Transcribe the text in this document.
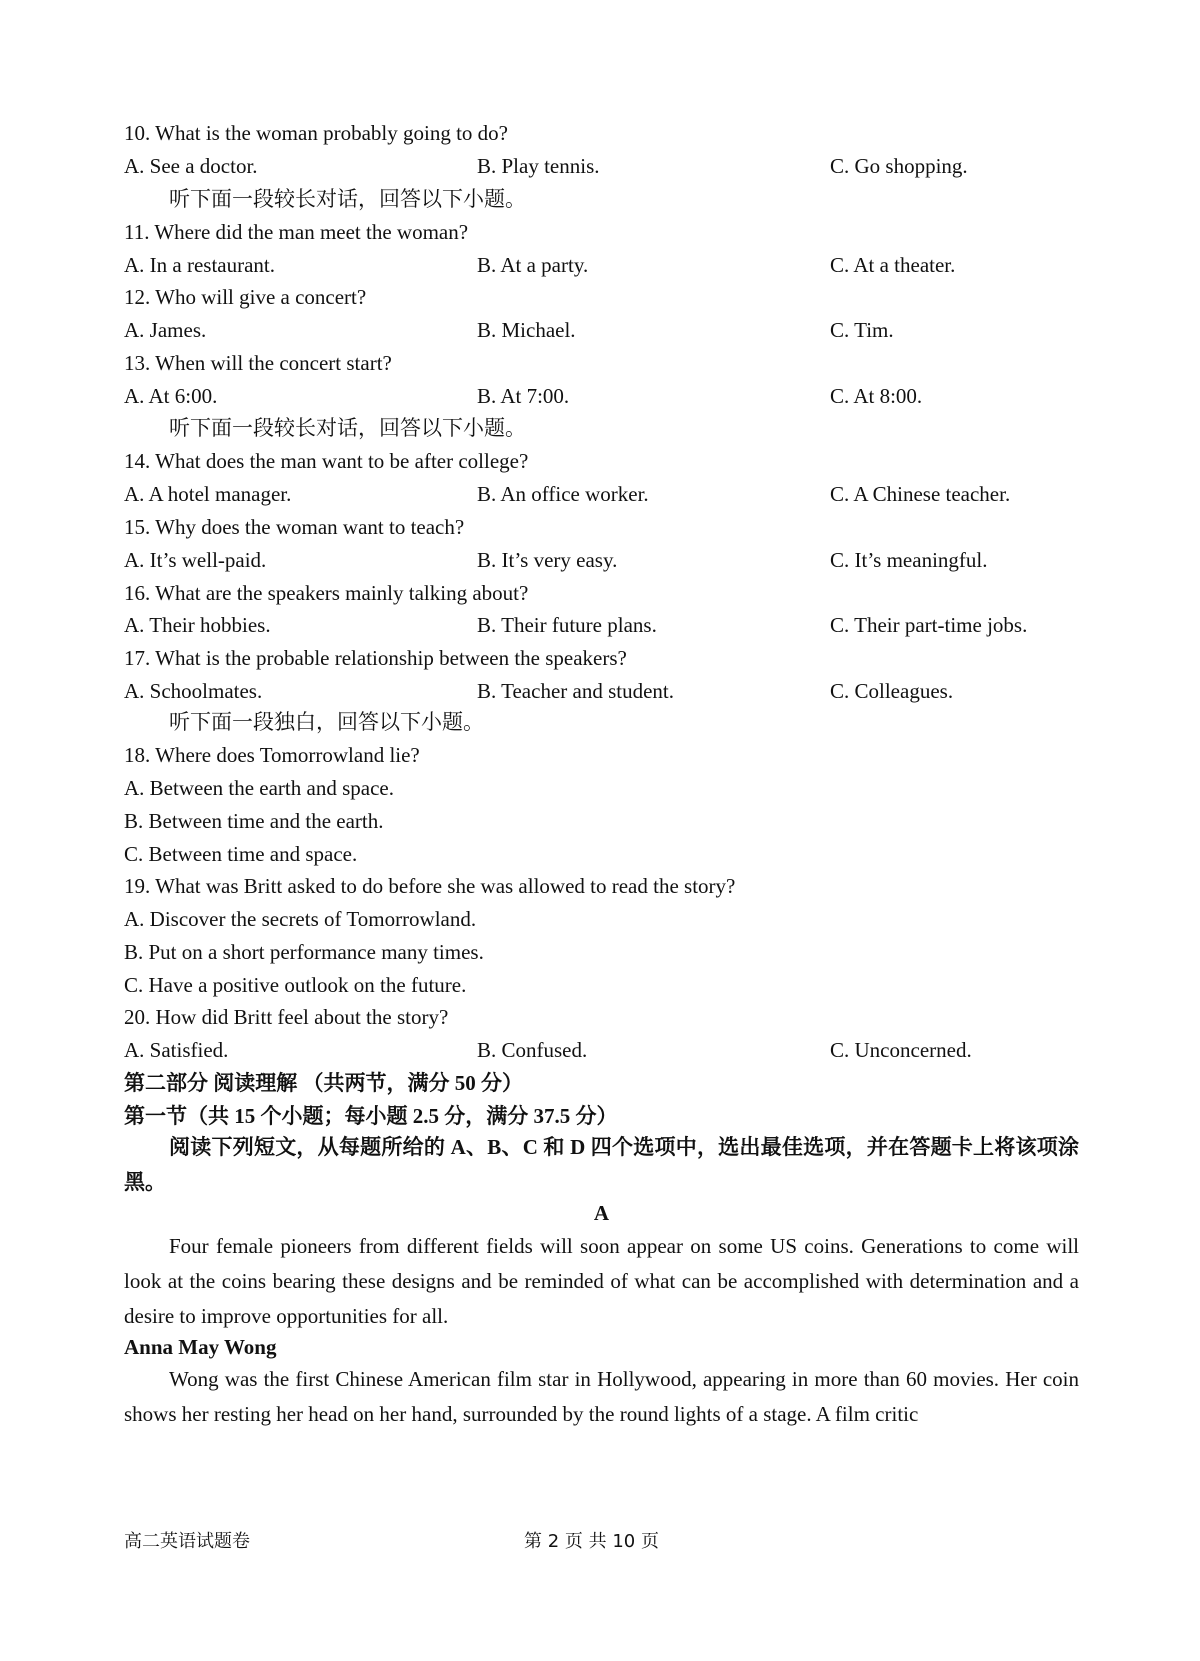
10. What is the woman probably going to do?
A. See a doctor.	B. Play tennis.	C. Go shopping.
听下面一段较长对话，回答以下小题。
11. Where did the man meet the woman?
A. In a restaurant.	B. At a party.	C. At a theater.
12. Who will give a concert?
A. James.	B. Michael.	C. Tim.
13. When will the concert start?
A. At 6:00.	B. At 7:00.	C. At 8:00.
听下面一段较长对话，回答以下小题。
14. What does the man want to be after college?
A. A hotel manager.	B. An office worker.	C. A Chinese teacher.
15. Why does the woman want to teach?
A. It’s well-paid.	B. It’s very easy.	C. It’s meaningful.
16. What are the speakers mainly talking about?
A. Their hobbies.	B. Their future plans.	C. Their part-time jobs.
17. What is the probable relationship between the speakers?
A. Schoolmates.	B. Teacher and student.	C. Colleagues.
听下面一段独白，回答以下小题。
18. Where does Tomorrowland lie?
A. Between the earth and space.
B. Between time and the earth.
C. Between time and space.
19. What was Britt asked to do before she was allowed to read the story?
A. Discover the secrets of Tomorrowland.
B. Put on a short performance many times.
C. Have a positive outlook on the future.
20. How did Britt feel about the story?
A. Satisfied.	B. Confused.	C. Unconcerned.
第二部分 阅读理解 （共两节，满分 50 分）
第一节（共 15 个小题；每小题 2.5 分，满分 37.5 分）

阅读下列短文，从每题所给的 A、B、C 和 D 四个选项中，选出最佳选项，并在答题卡上将该项涂黑。

A

Four female pioneers from different fields will soon appear on some US coins. Generations to come will look at the coins bearing these designs and be reminded of what can be accomplished with determination and a desire to improve opportunities for all.

Anna May Wong

Wong was the first Chinese American film star in Hollywood, appearing in more than 60 movies. Her coin shows her resting her head on her hand, surrounded by the round lights of a stage. A film critic

高二英语试题卷	第 2 页 共 10 页
